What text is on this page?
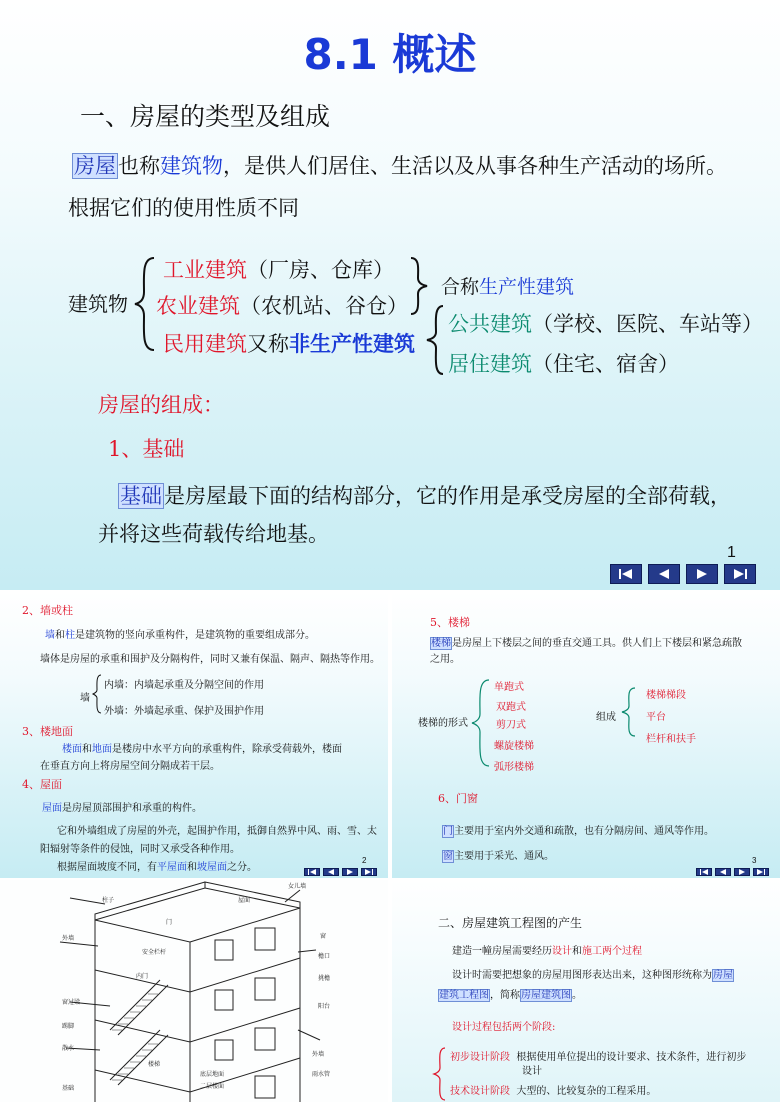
8.1 概述
一、房屋的类型及组成
房屋也称建筑物，是供人们居住、生活以及从事各种生产活动的场所。
根据它们的使用性质不同
建筑物
工业建筑（厂房、仓库）
农业建筑（农机站、谷仓）
民用建筑又称非生产性建筑
合称生产性建筑
公共建筑（学校、医院、车站等）
居住建筑（住宅、宿舍）
房屋的组成：
1、基础
基础是房屋最下面的结构部分，它的作用是承受房屋的全部荷载，
并将这些荷载传给地基。
1
2、墙或柱
墙和柱是建筑物的竖向承重构件，是建筑物的重要组成部分。
墙体是房屋的承重和围护及分隔构件，同时又兼有保温、隔声、隔热等作用。
墙
内墙：内墙起承重及分隔空间的作用
外墙：外墙起承重、保护及围护作用
3、楼地面
楼面和地面是楼房中水平方向的承重构件，除承受荷载外，楼面
在垂直方向上将房屋空间分隔成若干层。
4、屋面
屋面是房屋顶部围护和承重的构件。
它和外墙组成了房屋的外壳，起围护作用，抵御自然界中风、雨、雪、太
阳辐射等条件的侵蚀，同时又承受各种作用。
根据屋面坡度不同，有平屋面和坡屋面之分。
2
5、楼梯
楼梯是房屋上下楼层之间的垂直交通工具。供人们上下楼层和紧急疏散
之用。
楼梯的形式
单跑式
双跑式
剪刀式
螺旋楼梯
弧形楼梯
组成
楼梯梯段
平台
栏杆和扶手
6、门窗
门主要用于室内外交通和疏散，也有分隔房间、通风等作用。
窗主要用于采光、通风。	3
女儿墙
柱子
外墙
安全栏杆
门
窗
檐口
内门	挑檐
屋面
窗过梁
踢脚
散水
底层地面
二层楼面
雨水管
外墙
基础
楼梯
阳台
二、房屋建筑工程图的产生
建造一幢房屋需要经历设计和施工两个过程
设计时需要把想象的房屋用图形表达出来，这种图形统称为房屋
建筑工程图，简称房屋建筑图。
设计过程包括两个阶段:
初步设计阶段 根据使用单位提出的设计要求、技术条件，进行初步
设计
技术设计阶段 大型的、比较复杂的工程采用。
